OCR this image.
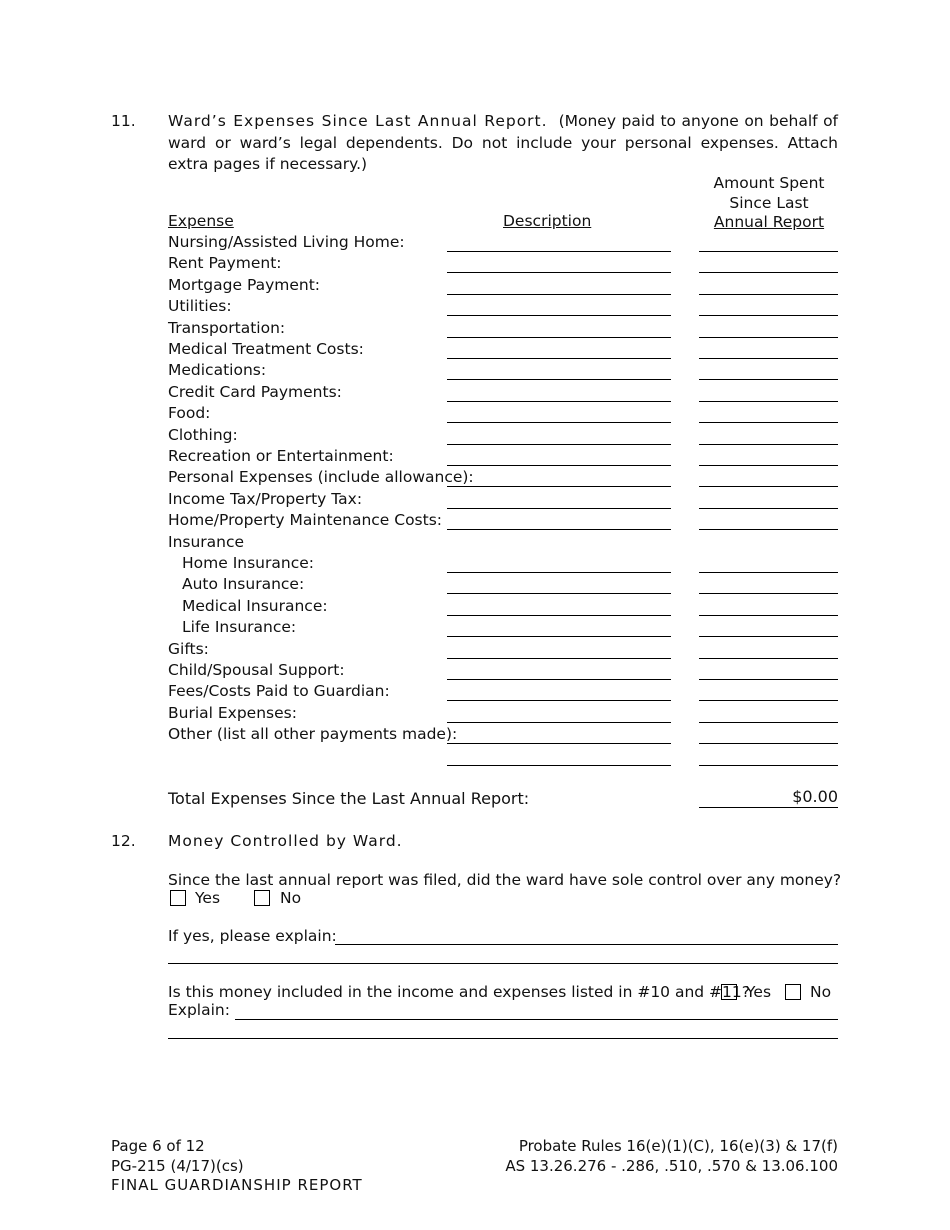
11. Ward’s Expenses Since Last Annual Report. (Money paid to anyone on behalf of ward or ward’s legal dependents. Do not include your personal expenses. Attach extra pages if necessary.)
Expense	Description
Amount Spent
Since Last
Annual Report
Nursing/Assisted Living Home:
Rent Payment:
Mortgage Payment:
Utilities:
Transportation:
Medical Treatment Costs:
Medications:
Credit Card Payments:
Food:
Clothing:
Recreation or Entertainment:
Personal Expenses (include allowance):
Income Tax/Property Tax:
Home/Property Maintenance Costs:
Insurance
Home Insurance:
Auto Insurance:
Medical Insurance:
Life Insurance:
Gifts:
Child/Spousal Support:
Fees/Costs Paid to Guardian:
Burial Expenses:
Other (list all other payments made):
Total Expenses Since the Last Annual Report:	$0.00
12. Money Controlled by Ward.
Since the last annual report was filed, did the ward have sole control over any money?
Yes	No
If yes, please explain:
Is this money included in the income and expenses listed in #10 and #11?
Yes	No
Explain:
Page 6 of 12
PG-215 (4/17)(cs)
FINAL GUARDIANSHIP REPORT
Probate Rules 16(e)(1)(C), 16(e)(3) & 17(f)
AS 13.26.276 - .286, .510, .570 & 13.06.100
